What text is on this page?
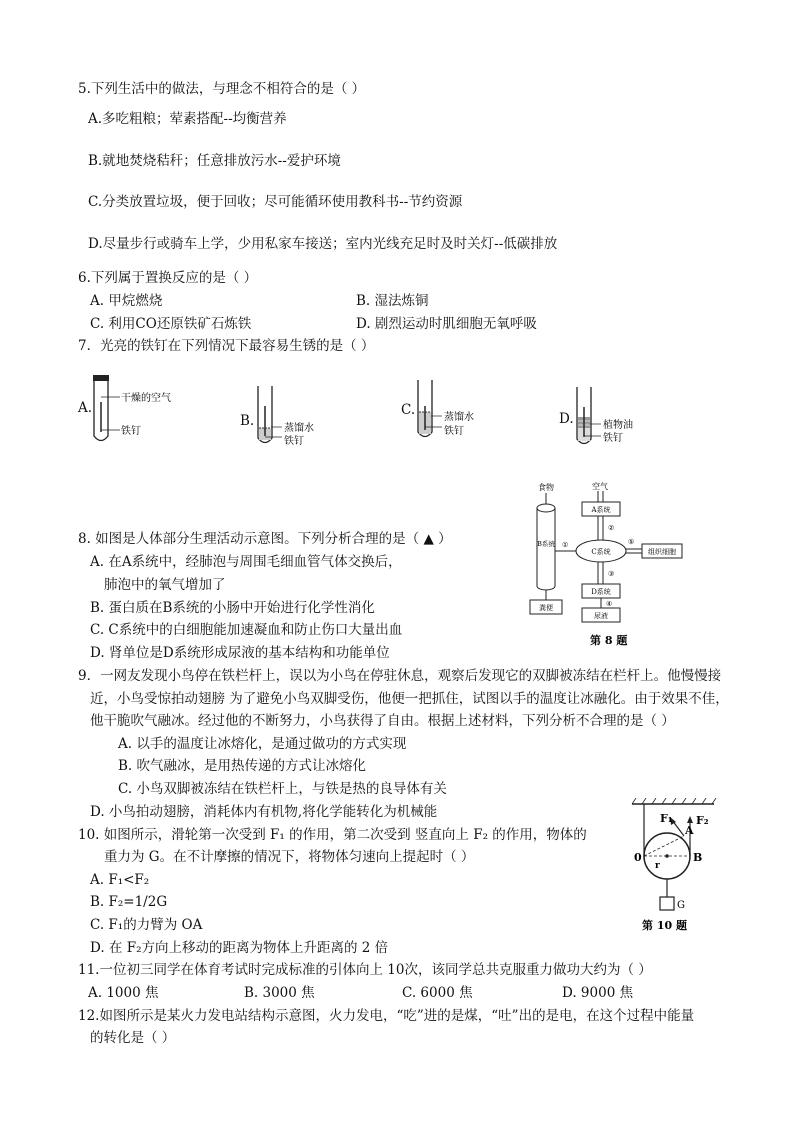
5.下列生活中的做法，与理念不相符合的是（ ）
A.多吃粗粮；荤素搭配--均衡营养
B.就地焚烧秸秆；任意排放污水--爱护环境
C.分类放置垃圾，便于回收；尽可能循环使用教科书--节约资源
D.尽量步行或骑车上学，少用私家车接送；室内光线充足时及时关灯--低碳排放
6.下列属于置换反应的是（ ）
A. 甲烷燃烧	B. 湿法炼铜
C. 利用CO还原铁矿石炼铁	D. 剧烈运动时肌细胞无氧呼吸
7．光亮的铁钉在下列情况下最容易生锈的是（ ）
A.
干燥的空气
铁钉
B.	蒸馏水
铁钉
C.	蒸馏水
铁钉
D.	植物油
铁钉
8. 如图是人体部分生理活动示意图。下列分析合理的是（ ▲ ）
A. 在A系统中，经肺泡与周围毛细血管气体交换后，
肺泡中的氧气增加了
B. 蛋白质在B系统的小肠中开始进行化学性消化
C. C系统中的白细胞能加速凝血和防止伤口大量出血
D. 肾单位是D系统形成尿液的基本结构和功能单位
食物
B系统
粪便
空气
A系统
②
C系统
①	⑤
组织细胞
③
D系统
④
尿液
第 8 题
9．一网友发现小鸟停在铁栏杆上，误以为小鸟在停驻休息，观察后发现它的双脚被冻结在栏杆上。他慢慢接
近，小鸟受惊拍动翅膀 为了避免小鸟双脚受伤，他便一把抓住，试图以手的温度让冰融化。由于效果不佳，
他干脆吹气融冰。经过他的不断努力，小鸟获得了自由。根据上述材料，下列分析不合理的是（ ）
A. 以手的温度让冰熔化，是通过做功的方式实现
B. 吹气融冰，是用热传递的方式让冰熔化
C. 小鸟双脚被冻结在铁栏杆上，与铁是热的良导体有关
D. 小鸟拍动翅膀，消耗体内有机物,将化学能转化为机械能
10. 如图所示，滑轮第一次受到 F₁ 的作用，第二次受到 竖直向上 F₂ 的作用，物体的
重力为 G。在不计摩擦的情况下，将物体匀速向上提起时（ ）
A. F₁<F₂
B. F₂=1/2G
C. F₁的力臂为 OA
D. 在 F₂方向上移动的距离为物体上升距离的 2 倍
F₁ F₂
A
B
0
r
G
第 10 题
11.一位初三同学在体育考试时完成标准的引体向上 10次，该同学总共克服重力做功大约为（ ）
A. 1000 焦	B. 3000 焦	C. 6000 焦	D. 9000 焦
12.如图所示是某火力发电站结构示意图，火力发电，“吃”进的是煤，“吐”出的是电，在这个过程中能量
的转化是（ ）
